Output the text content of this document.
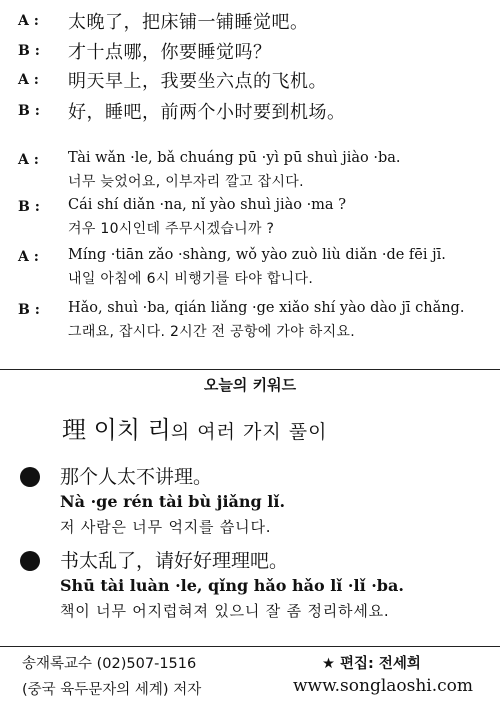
A : 太晚了，把床铺一铺睡觉吧。
B : 才十点哪，你要睡觉吗？
A : 明天早上，我要坐六点的飞机。
B : 好，睡吧，前两个小时要到机场。
A : Tài wǎn ·le, bǎ chuáng pū ·yì pū shuì jiào ·ba.
너무 늦었어요, 이부자리 깔고 잡시다.
B : Cái shí diǎn ·na, nǐ yào shuì jiào ·ma ?
겨우 10시인데 주무시겠습니까 ?
A : Míng ·tiān zǎo ·shàng, wǒ yào zuò liù diǎn ·de fēi jī.
내일 아침에 6시 비행기를 타야 합니다.
B : Hǎo, shuì ·ba, qián liǎng ·ge xiǎo shí yào dào jī chǎng.
그래요, 잡시다. 2시간 전 공항에 가야 하지요.
오늘의 키워드
理 이치 리의 여러 가지 풀이
那个人太不讲理。
Nà ·ge rén tài bù jiǎng lǐ.
저 사람은 너무 억지를 씁니다.
书太乱了，请好好理理吧。
Shū tài luàn ·le, qǐng hǎo hǎo lǐ ·lǐ ·ba.
책이 너무 어지럽혀져 있으니 잘 좀 정리하세요.
송재록교수 (02)507-1516
(중국 육두문자의 세계) 저자
★ 편집: 전세희
www.songlaoshi.com
